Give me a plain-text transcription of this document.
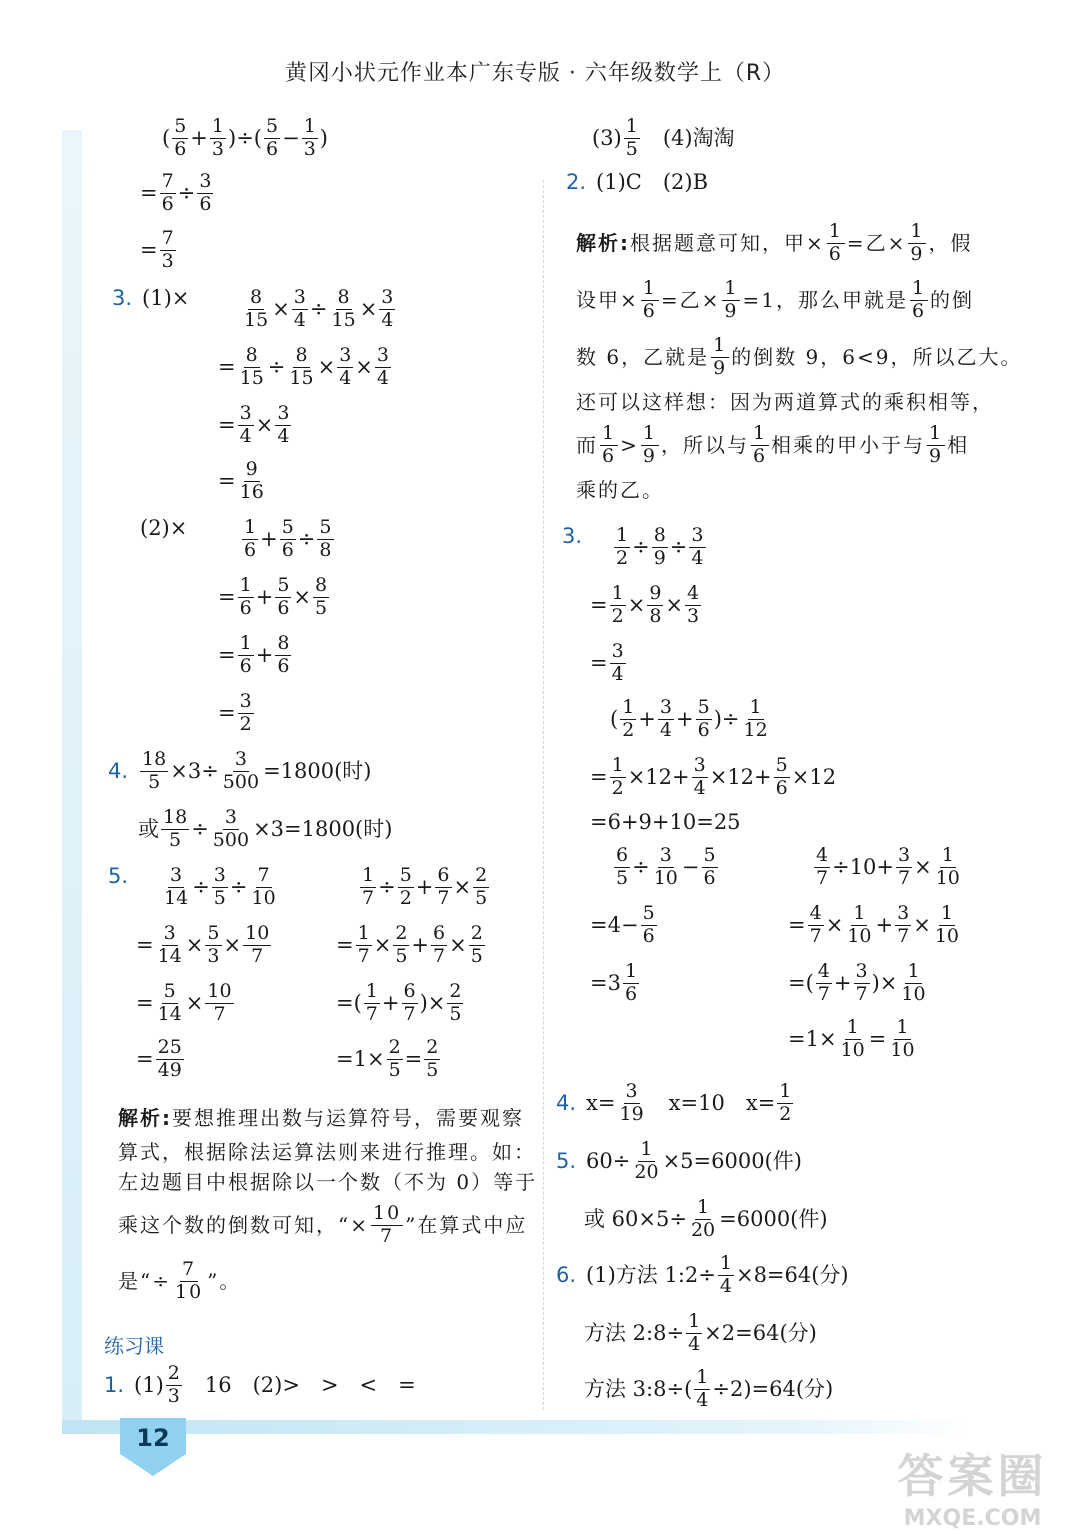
黄冈小状元作业本广东专版 · 六年级数学上（R）
( $\frac{5}{6} + \frac{1}{3}$ )÷( $\frac{5}{6} - \frac{1}{3}$ )
= $\frac{7}{6} \div \frac{3}{6}$
= $\frac{7}{3}$
3. (1)×	$\frac{8}{15} \times \frac{3}{4} \div \frac{8}{15} \times \frac{3}{4}$
= $\frac{8}{15} \div \frac{8}{15} \times \frac{3}{4} \times \frac{3}{4}$
= $\frac{3}{4} \times \frac{3}{4}$
= $\frac{9}{16}$
(2)×	$\frac{1}{6} + \frac{5}{6} \div \frac{5}{8}$
= $\frac{1}{6} + \frac{5}{6} \times \frac{8}{5}$
= $\frac{1}{6} + \frac{8}{6}$
= $\frac{3}{2}$
4. $\frac{18}{5} \times 3\div \frac{3}{500} =1800$(时)
或 $\frac{18}{5} \div \frac{3}{500} \times 3=1800$(时)
5. $\frac{3}{14} \div \frac{3}{5} \div \frac{7}{10}$	$\frac{1}{7} \div \frac{5}{2} + \frac{6}{7} \times \frac{2}{5}$
= $\frac{3}{14} \times \frac{5}{3} \times \frac{10}{7}$	= $\frac{1}{7} \times \frac{2}{5} + \frac{6}{7} \times \frac{2}{5}$
= $\frac{5}{14} \times \frac{10}{7}$	=( $\frac{1}{7} + \frac{6}{7}$ )× $\frac{2}{5}$
= $\frac{25}{49}$	$=1\times \frac{2}{5} = \frac{2}{5}$
解析: 要想推理出数与运算符号，需要观察
算式，根据除法运算法则来进行推理。如：
左边题目中根据除以一个数（不为 0）等于
乘这个数的倒数可知，“× $\frac{10}{7}$ ”在算式中应
是“÷ $\frac{7}{10}$ ”。
1. $(1) \frac{2}{3}$ 　16　(2)>　>　<　=
$(3) \frac{1}{5}$ 　(4)淘淘
2. (1)C　(2)B
解析: 根据题意可知，甲× $\frac{1}{6}$ =乙× $\frac{1}{9}$ ，假
设甲× $\frac{1}{6}$ =乙× $\frac{1}{9} =1$，那么甲就是 $\frac{1}{6}$ 的倒
数 6，乙就是 $\frac{1}{9}$ 的倒数 9，6<9，所以乙大。
还可以这样想：因为两道算式的乘积相等，
而 $\frac{1}{6} > \frac{1}{9}$ ，所以与 $\frac{1}{6}$ 相乘的甲小于与 $\frac{1}{9}$ 相
乘的乙。
3. $\frac{1}{2} \div \frac{8}{9} \div \frac{3}{4}$
= $\frac{1}{2} \times \frac{9}{8} \times \frac{4}{3}$
= $\frac{3}{4}$
( $\frac{1}{2} + \frac{3}{4} + \frac{5}{6}$ )÷ $\frac{1}{12}$
= $\frac{1}{2} \times 12+ \frac{3}{4} \times 12+ \frac{5}{6} \times 12$
=6+9+10=25
$\frac{6}{5} \div \frac{3}{10} - \frac{5}{6}$	$\frac{4}{7} \div 10+ \frac{3}{7} \times \frac{1}{10}$
$=4- \frac{5}{6}$	= $\frac{4}{7} \times \frac{1}{10} + \frac{3}{7} \times \frac{1}{10}$
$=3 \frac{1}{6}$	=( $\frac{4}{7} + \frac{3}{7}$ )× $\frac{1}{10}$
$=1\times \frac{1}{10} = \frac{1}{10}$
4. $x= \frac{3}{19}$ 　x=10　$x= \frac{1}{2}$
5. $60\div \frac{1}{20} \times 5=6000$(件)
或 $60\times 5\div \frac{1}{20} =6000$(件)
6. (1)方法 1:2÷ $\frac{1}{4} \times 8=64$(分)
方法 2:8÷ $\frac{1}{4} \times 2=64$(分)
方法 3:8÷( $\frac{1}{4} \div 2)=64$(分)
练习课
12
答案圈
MXQE.COM
